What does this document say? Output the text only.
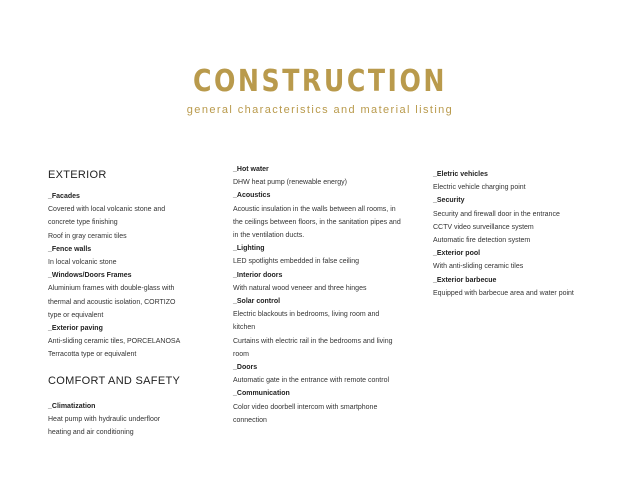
CONSTRUCTION
general characteristics and material listing
EXTERIOR
_Facades
Covered with local volcanic stone and
concrete type finishing
Roof in gray ceramic tiles
_Fence walls
In local volcanic stone
_Windows/Doors Frames
Aluminium frames with double-glass with
thermal and acoustic isolation, CORTIZO
type or equivalent
_Exterior paving
Anti-sliding ceramic tiles, PORCELANOSA
Terracotta type or equivalent
COMFORT AND SAFETY
_Climatization
Heat pump with hydraulic underfloor
heating and air conditioning
_Hot water
DHW heat pump (renewable energy)
_Acoustics
Acoustic insulation in the walls between all rooms, in
the ceilings between floors, in the sanitation pipes and
in the ventilation ducts.
_Lighting
LED spotlights embedded in false ceiling
_Interior doors
With natural wood veneer and three hinges
_Solar control
Electric blackouts in bedrooms, living room and
kitchen
Curtains with electric rail in the bedrooms and living
room
_Doors
Automatic gate in the entrance with remote control
_Communication
Color video doorbell intercom with smartphone
connection
_Eletric vehicles
Electric vehicle charging point
_Security
Security and firewall door in the entrance
CCTV video surveillance system
Automatic fire detection system
_Exterior pool
With anti-sliding ceramic tiles
_Exterior barbecue
Equipped with barbecue area and water point
